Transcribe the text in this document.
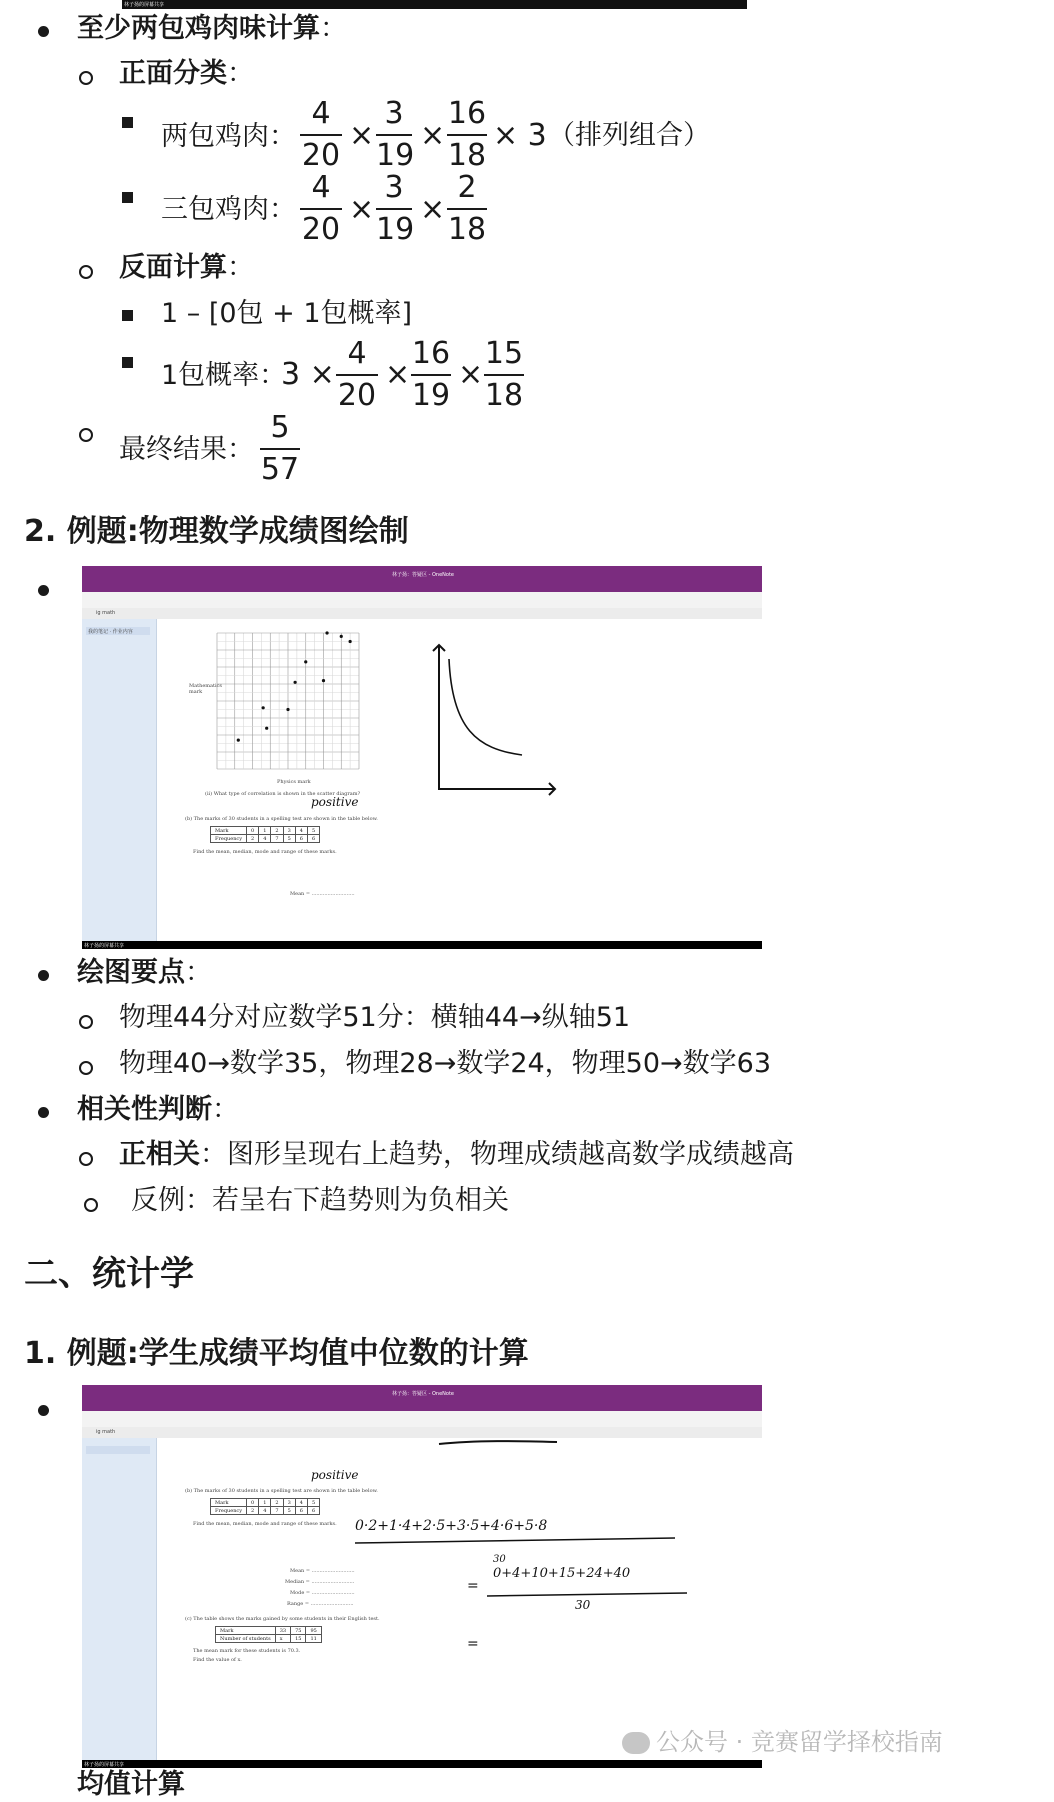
林子扬的屏幕共享
至少两包鸡肉味计算：
正面分类：
两包鸡肉：
4
20
×
3
19
×
16
18
× 3 （排列组合）
三包鸡肉：
4
20
×
3
19
×
2
18
反面计算：
1 – [0包 + 1包概率]
1包概率：
3 ×
4
20
×
16
19
×
15
18
最终结果：
5
57
2. 例题:物理数学成绩图绘制
林子扬：答疑区 - OneNote
ig math
我的笔记 · 作业内容
Mathematics mark
Physics mark
(ii) What type of correlation is shown in the scatter diagram?
positive
(b) The marks of 30 students in a spelling test are shown in the table below.
Mark	0	1	2	3	4	5
Frequency	2	4	7	5	6	6
Find the mean, median, mode and range of these marks.
Mean = ...........................
林子扬的屏幕共享
绘图要点：
物理44分对应数学51分：横轴44→纵轴51
物理40→数学35，物理28→数学24，物理50→数学63
相关性判断：
正相关：图形呈现右上趋势，物理成绩越高数学成绩越高
反例：若呈右下趋势则为负相关
二、统计学
1. 例题:学生成绩平均值中位数的计算
林子扬：答疑区 - OneNote
ig math
positive
0·2+1·4+2·5+3·5+4·6+5·8
30
0+4+10+15+24+40
30
=
=
(b) The marks of 30 students in a spelling test are shown in the table below.
Mark	0	1	2	3	4	5
Frequency	2	4	7	5	6	6
Find the mean, median, mode and range of these marks.
Mean = ...........................
Median = ...........................
Mode = ...........................
Range = ...........................
(c) The table shows the marks gained by some students in their English test.
Mark	33	75	95
Number of students	x	15	11
The mean mark for these students is 70.3.
Find the value of x.
林子扬的屏幕共享
均值计算
公众号 · 竞赛留学择校指南
